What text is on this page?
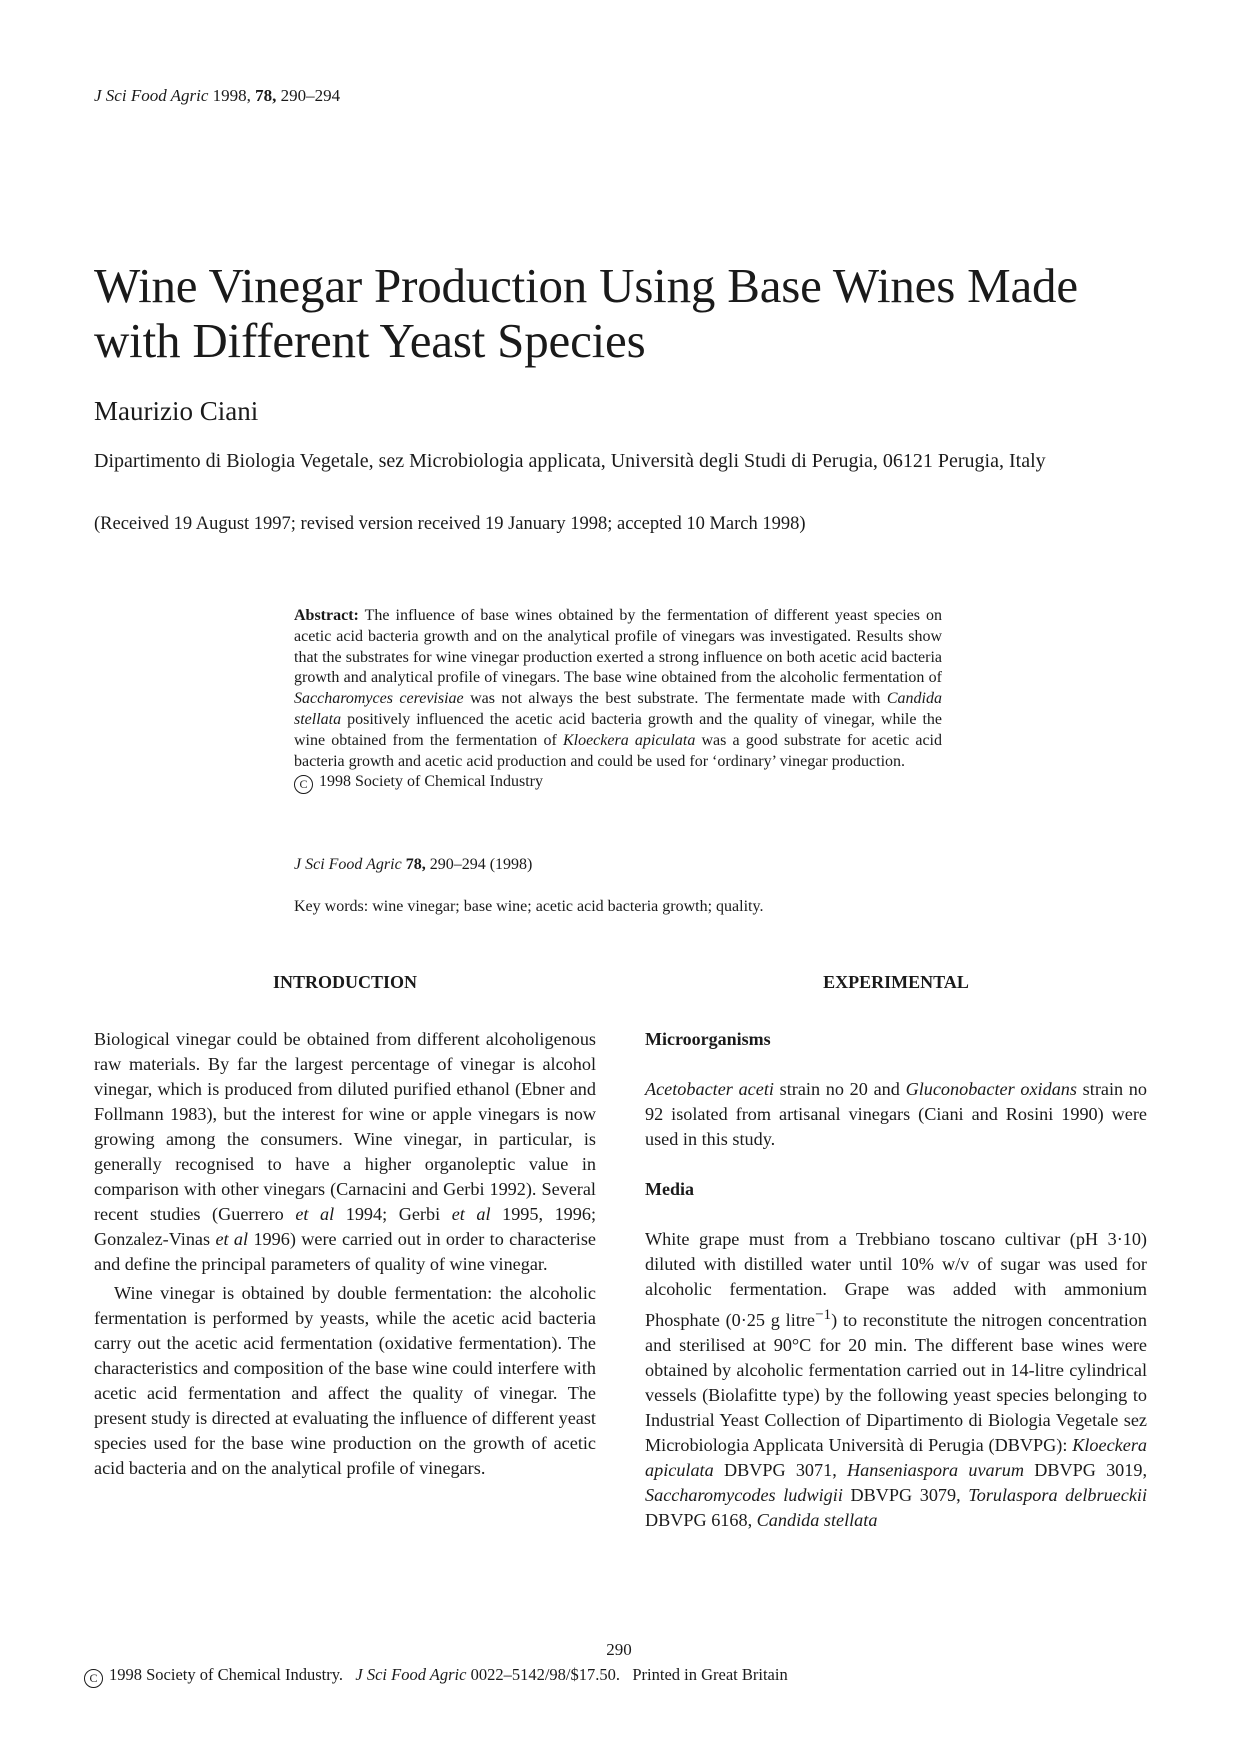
J Sci Food Agric 1998, 78, 290–294
Wine Vinegar Production Using Base Wines Made with Different Yeast Species
Maurizio Ciani
Dipartimento di Biologia Vegetale, sez Microbiologia applicata, Università degli Studi di Perugia, 06121 Perugia, Italy
(Received 19 August 1997; revised version received 19 January 1998; accepted 10 March 1998)
Abstract: The influence of base wines obtained by the fermentation of different yeast species on acetic acid bacteria growth and on the analytical profile of vinegars was investigated. Results show that the substrates for wine vinegar production exerted a strong influence on both acetic acid bacteria growth and analytical profile of vinegars. The base wine obtained from the alcoholic fermentation of Saccharomyces cerevisiae was not always the best substrate. The fermentate made with Candida stellata positively influenced the acetic acid bacteria growth and the quality of vinegar, while the wine obtained from the fermentation of Kloeckera apiculata was a good substrate for acetic acid bacteria growth and acetic acid production and could be used for ‘ordinary’ vinegar production.
C 1998 Society of Chemical Industry
J Sci Food Agric 78, 290–294 (1998)
Key words: wine vinegar; base wine; acetic acid bacteria growth; quality.
INTRODUCTION

Biological vinegar could be obtained from different alcoholigenous raw materials. By far the largest percentage of vinegar is alcohol vinegar, which is produced from diluted purified ethanol (Ebner and Follmann 1983), but the interest for wine or apple vinegars is now growing among the consumers. Wine vinegar, in particular, is generally recognised to have a higher organoleptic value in comparison with other vinegars (Carnacini and Gerbi 1992). Several recent studies (Guerrero et al 1994; Gerbi et al 1995, 1996; Gonzalez-Vinas et al 1996) were carried out in order to characterise and define the principal parameters of quality of wine vinegar.

Wine vinegar is obtained by double fermentation: the alcoholic fermentation is performed by yeasts, while the acetic acid bacteria carry out the acetic acid fermentation (oxidative fermentation). The characteristics and composition of the base wine could interfere with acetic acid fermentation and affect the quality of vinegar. The present study is directed at evaluating the influence of different yeast species used for the base wine production on the growth of acetic acid bacteria and on the analytical profile of vinegars.

EXPERIMENTAL
Microorganisms

Acetobacter aceti strain no 20 and Gluconobacter oxidans strain no 92 isolated from artisanal vinegars (Ciani and Rosini 1990) were used in this study.

Media

White grape must from a Trebbiano toscano cultivar (pH 3·10) diluted with distilled water until 10% w/v of sugar was used for alcoholic fermentation. Grape was added with ammonium Phosphate (0·25 g litre$^{-1}$) to reconstitute the nitrogen concentration and sterilised at 90°C for 20 min. The different base wines were obtained by alcoholic fermentation carried out in 14-litre cylindrical vessels (Biolafitte type) by the following yeast species belonging to Industrial Yeast Collection of Dipartimento di Biologia Vegetale sez Microbiologia Applicata Università di Perugia (DBVPG): Kloeckera apiculata DBVPG 3071, Hanseniaspora uvarum DBVPG 3019, Saccharomycodes ludwigii DBVPG 3079, Torulaspora delbrueckii DBVPG 6168, Candida stellata

290
C 1998 Society of Chemical Industry. J Sci Food Agric 0022–5142/98/$17.50. Printed in Great Britain
